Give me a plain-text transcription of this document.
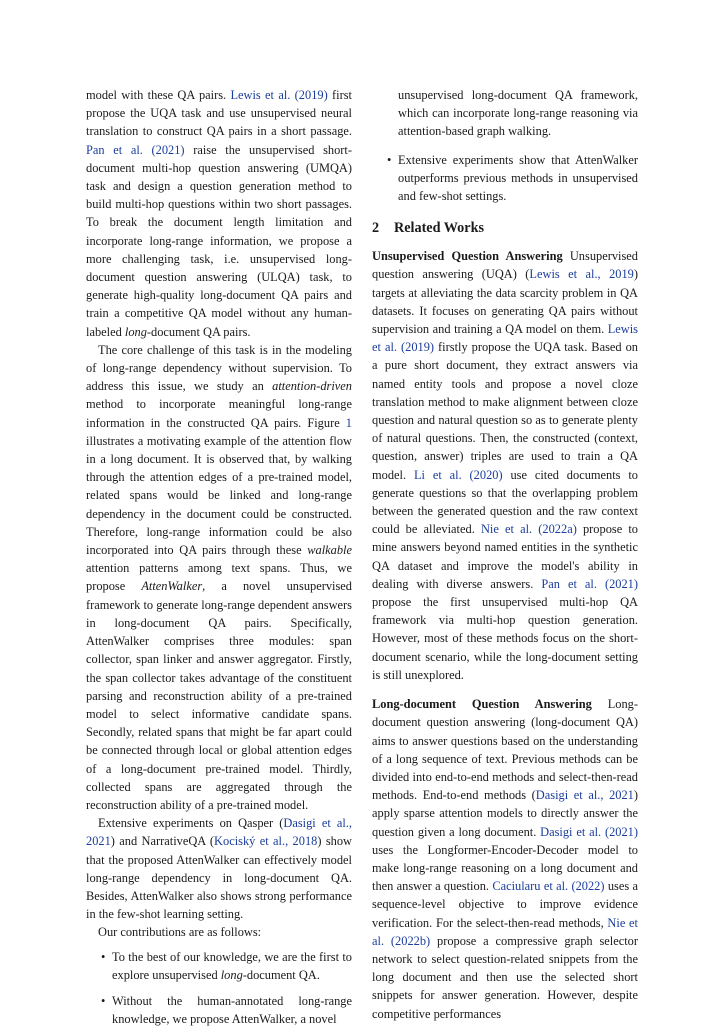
model with these QA pairs. Lewis et al. (2019) first propose the UQA task and use unsupervised neural translation to construct QA pairs in a short passage. Pan et al. (2021) raise the unsupervised short-document multi-hop question answering (UMQA) task and design a question generation method to build multi-hop questions within two short passages. To break the document length limitation and incorporate long-range information, we propose a more challenging task, i.e. unsupervised long-document question answering (ULQA) task, to generate high-quality long-document QA pairs and train a competitive QA model without any human-labeled long-document QA pairs.

The core challenge of this task is in the modeling of long-range dependency without supervision. To address this issue, we study an attention-driven method to incorporate meaningful long-range information in the constructed QA pairs. Figure 1 illustrates a motivating example of the attention flow in a long document. It is observed that, by walking through the attention edges of a pre-trained model, related spans would be linked and long-range dependency in the document could be constructed. Therefore, long-range information could be also incorporated into QA pairs through these walkable attention patterns among text spans. Thus, we propose AttenWalker, a novel unsupervised framework to generate long-range dependent answers in long-document QA pairs. Specifically, AttenWalker comprises three modules: span collector, span linker and answer aggregator. Firstly, the span collector takes advantage of the constituent parsing and reconstruction ability of a pre-trained model to select informative candidate spans. Secondly, related spans that might be far apart could be connected through local or global attention edges of a long-document pre-trained model. Thirdly, collected spans are aggregated through the reconstruction ability of a pre-trained model.

Extensive experiments on Qasper (Dasigi et al., 2021) and NarrativeQA (Kociský et al., 2018) show that the proposed AttenWalker can effectively model long-range dependency in long-document QA. Besides, AttenWalker also shows strong performance in the few-shot learning setting.

Our contributions are as follows:

• To the best of our knowledge, we are the first to explore unsupervised long-document QA.
• Without the human-annotated long-range knowledge, we propose AttenWalker, a novel

unsupervised long-document QA framework, which can incorporate long-range reasoning via attention-based graph walking.

• Extensive experiments show that AttenWalker outperforms previous methods in unsupervised and few-shot settings.
2 Related Works

Unsupervised Question Answering Unsupervised question answering (UQA) (Lewis et al., 2019) targets at alleviating the data scarcity problem in QA datasets. It focuses on generating QA pairs without supervision and training a QA model on them. Lewis et al. (2019) firstly propose the UQA task. Based on a pure short document, they extract answers via named entity tools and propose a novel cloze translation method to make alignment between cloze question and natural question so as to generate plenty of natural questions. Then, the constructed (context, question, answer) triples are used to train a QA model. Li et al. (2020) use cited documents to generate questions so that the overlapping problem between the generated question and the raw context could be alleviated. Nie et al. (2022a) propose to mine answers beyond named entities in the synthetic QA dataset and improve the model's ability in dealing with diverse answers. Pan et al. (2021) propose the first unsupervised multi-hop QA framework via multi-hop question generation. However, most of these methods focus on the short-document scenario, while the long-document setting is still unexplored.

Long-document Question Answering Long-document question answering (long-document QA) aims to answer questions based on the understanding of a long sequence of text. Previous methods can be divided into end-to-end methods and select-then-read methods. End-to-end methods (Dasigi et al., 2021) apply sparse attention models to directly answer the question given a long document. Dasigi et al. (2021) uses the Longformer-Encoder-Decoder model to make long-range reasoning on a long document and then answer a question. Caciularu et al. (2022) uses a sequence-level objective to improve evidence verification. For the select-then-read methods, Nie et al. (2022b) propose a compressive graph selector network to select question-related snippets from the long document and then use the selected short snippets for answer generation. However, despite competitive performances
